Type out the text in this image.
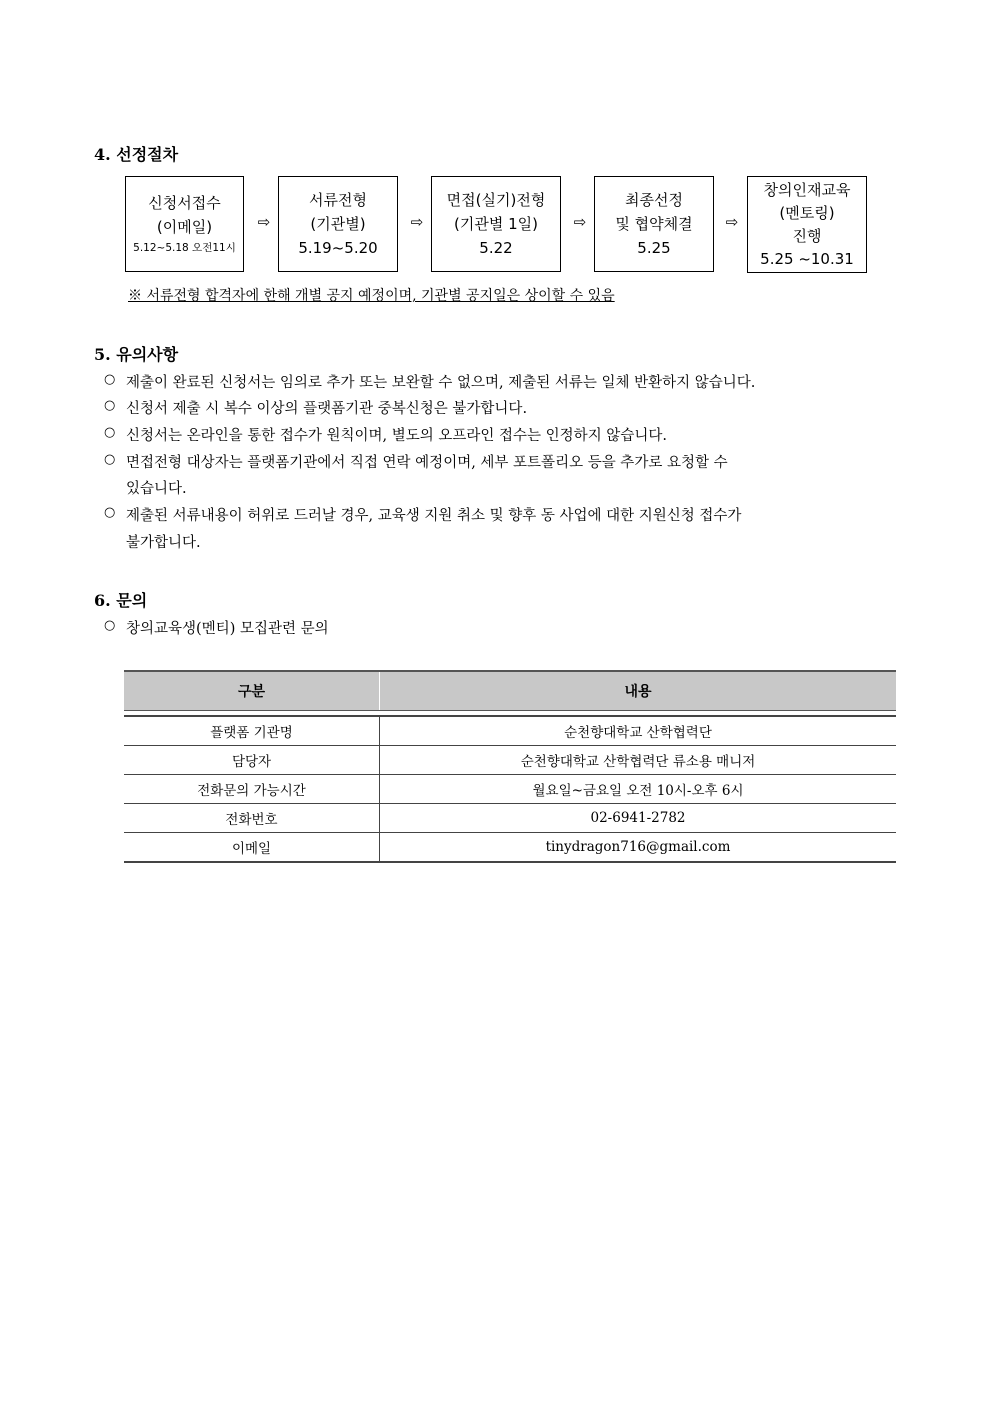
4. 선정절차
신청서접수
(이메일)
5.12~5.18 오전11시
⇨
서류전형
(기관별)
5.19~5.20
⇨
면접(실기)전형
(기관별 1일)
5.22
⇨
최종선정
및 협약체결
5.25
⇨
창의인재교육
(멘토링)
진행
5.25 ~10.31
※ 서류전형 합격자에 한해 개별 공지 예정이며, 기관별 공지일은 상이할 수 있음
5. 유의사항
○ 제출이 완료된 신청서는 임의로 추가 또는 보완할 수 없으며, 제출된 서류는 일체 반환하지 않습니다.
○ 신청서 제출 시 복수 이상의 플랫폼기관 중복신청은 불가합니다.
○ 신청서는 온라인을 통한 접수가 원칙이며, 별도의 오프라인 접수는 인정하지 않습니다.
○ 면접전형 대상자는 플랫폼기관에서 직접 연락 예정이며, 세부 포트폴리오 등을 추가로 요청할 수
있습니다.
○ 제출된 서류내용이 허위로 드러날 경우, 교육생 지원 취소 및 향후 동 사업에 대한 지원신청 접수가
불가합니다.
6. 문의
○ 창의교육생(멘티) 모집관련 문의
구분	내용

플랫폼 기관명	순천향대학교 산학협력단
담당자	순천향대학교 산학협력단 류소용 매니저
전화문의 가능시간	월요일~금요일 오전 10시-오후 6시
전화번호	02-6941-2782
이메일	tinydragon716@gmail.com
